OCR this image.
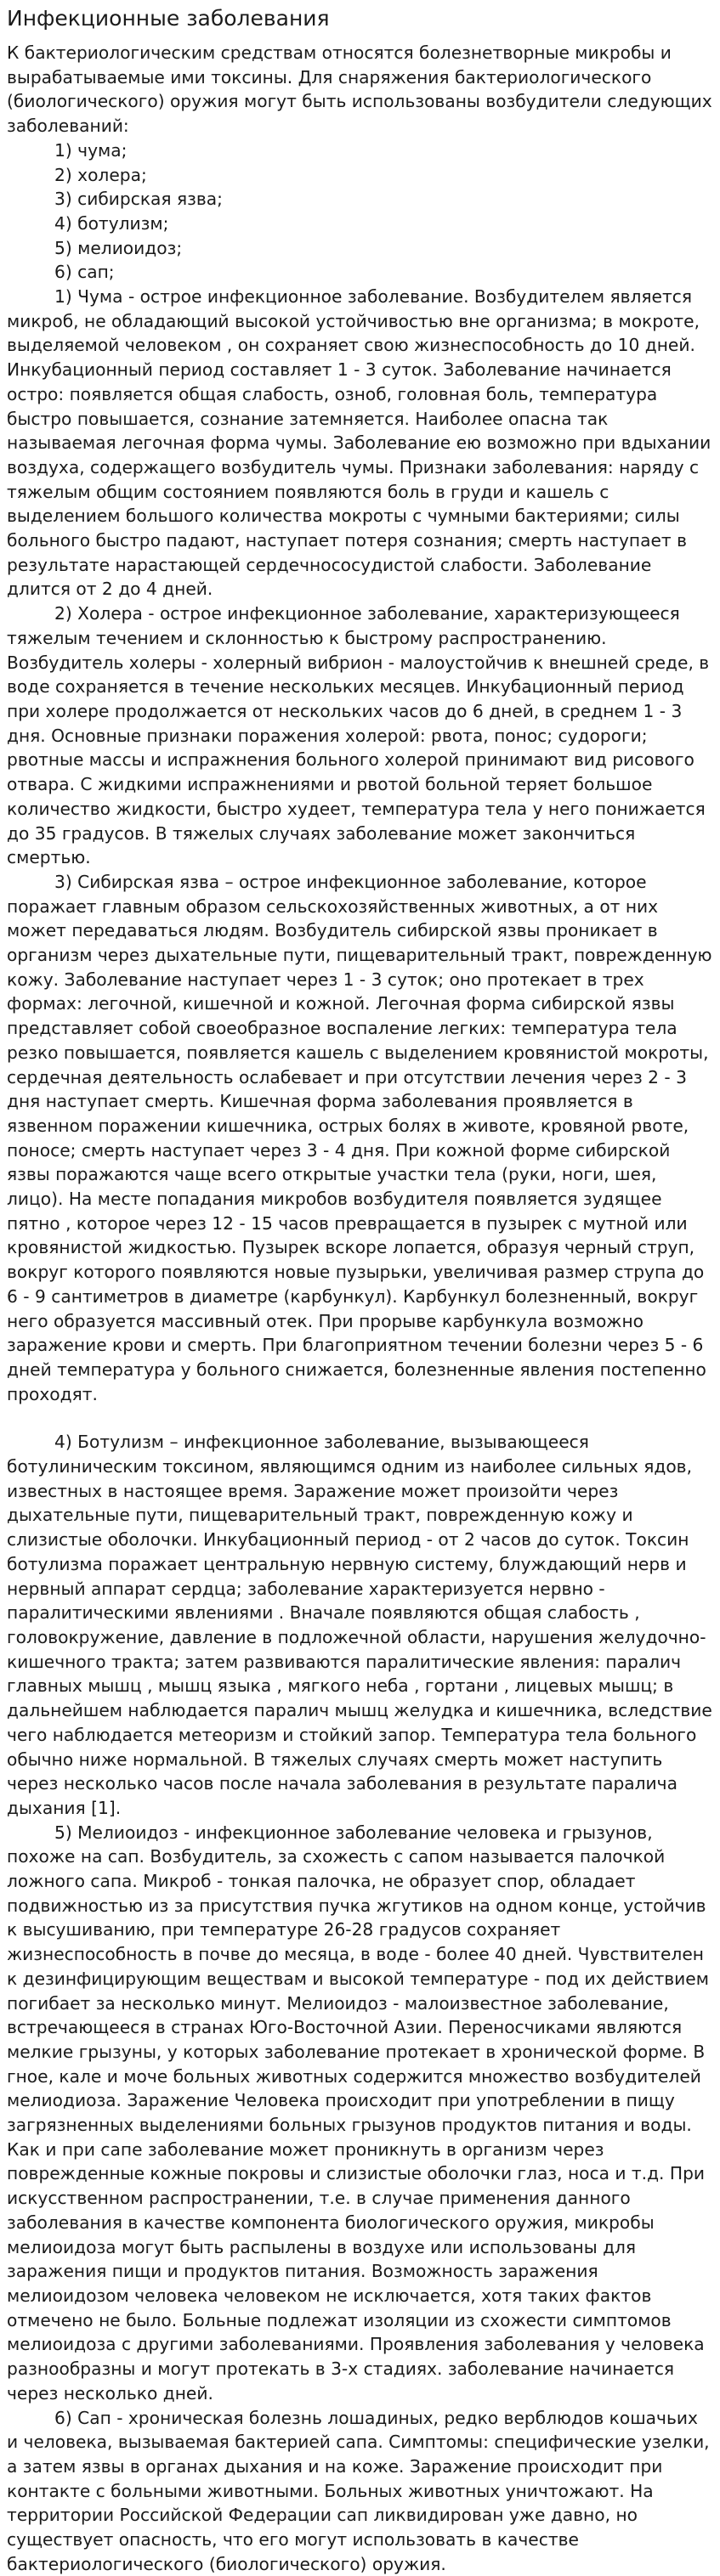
Инфекционные заболевания

К бактериологическим средствам относятся болезнетворные микробы и вырабатываемые ими токсины. Для снаряжения бактериологического (биологического) оружия могут быть использованы возбудители следующих заболеваний:

1) чума;

2) холера;

3) сибирская язва;

4) ботулизм;

5) мелиоидоз;

6) сап;

1) Чума - острое инфекционное заболевание. Возбудителем является микроб, не обладающий высокой устойчивостью вне организма; в мокроте, выделяемой человеком , он сохраняет свою жизнеспособность до 10 дней. Инкубационный период составляет 1 - 3 суток. Заболевание начинается остро: появляется общая слабость, озноб, головная боль, температура быстро повышается, сознание затемняется. Наиболее опасна так называемая легочная форма чумы. Заболевание ею возможно при вдыхании воздуха, содержащего возбудитель чумы. Признаки заболевания: наряду с тяжелым общим состоянием появляются боль в груди и кашель с выделением большого количества мокроты с чумными бактериями; силы больного быстро падают, наступает потеря сознания; смерть наступает в результате нарастающей сердечнососудистой слабости. Заболевание длится от 2 до 4 дней.

2) Холера - острое инфекционное заболевание, характеризующееся тяжелым течением и склонностью к быстрому распространению. Возбудитель холеры - холерный вибрион - малоустойчив к внешней среде, в воде сохраняется в течение нескольких месяцев. Инкубационный период при холере продолжается от нескольких часов до 6 дней, в среднем 1 - 3 дня. Основные признаки поражения холерой: рвота, понос; судороги; рвотные массы и испражнения больного холерой принимают вид рисового отвара. С жидкими испражнениями и рвотой больной теряет большое количество жидкости, быстро худеет, температура тела у него понижается до 35 градусов. В тяжелых случаях заболевание может закончиться смертью.

3) Сибирская язва – острое инфекционное заболевание, которое поражает главным образом сельскохозяйственных животных, а от них может передаваться людям. Возбудитель сибирской язвы проникает в организм через дыхательные пути, пищеварительный тракт, поврежденную кожу. Заболевание наступает через 1 - 3 суток; оно протекает в трех формах: легочной, кишечной и кожной. Легочная форма сибирской язвы представляет собой своеобразное воспаление легких: температура тела резко повышается, появляется кашель с выделением кровянистой мокроты, сердечная деятельность ослабевает и при отсутствии лечения через 2 - 3 дня наступает смерть. Кишечная форма заболевания проявляется в язвенном поражении кишечника, острых болях в животе, кровяной рвоте, поносе; смерть наступает через 3 - 4 дня. При кожной форме сибирской язвы поражаются чаще всего открытые участки тела (руки, ноги, шея, лицо). На месте попадания микробов возбудителя появляется зудящее пятно , которое через 12 - 15 часов превращается в пузырек с мутной или кровянистой жидкостью. Пузырек вскоре лопается, образуя черный струп, вокруг которого появляются новые пузырьки, увеличивая размер струпа до 6 - 9 сантиметров в диаметре (карбункул). Карбункул болезненный, вокруг него образуется массивный отек. При прорыве карбункула возможно заражение крови и смерть. При благоприятном течении болезни через 5 - 6 дней температура у больного снижается, болезненные явления постепенно проходят.

4) Ботулизм – инфекционное заболевание, вызывающееся ботулиническим токсином, являющимся одним из наиболее сильных ядов, известных в настоящее время. Заражение может произойти через дыхательные пути, пищеварительный тракт, поврежденную кожу и слизистые оболочки. Инкубационный период - от 2 часов до суток. Токсин ботулизма поражает центральную нервную систему, блуждающий нерв и нервный аппарат сердца; заболевание характеризуется нервно - паралитическими явлениями . Вначале появляются общая слабость , головокружение, давление в подложечной области, нарушения желудочно-кишечного тракта; затем развиваются паралитические явления: паралич главных мышц , мышц языка , мягкого неба , гортани , лицевых мышц; в дальнейшем наблюдается паралич мышц желудка и кишечника, вследствие чего наблюдается метеоризм и стойкий запор. Температура тела больного обычно ниже нормальной. В тяжелых случаях смерть может наступить через несколько часов после начала заболевания в результате паралича дыхания [1].

5) Мелиоидоз - инфекционное заболевание человека и грызунов, похоже на сап. Возбудитель, за схожесть с сапом называется палочкой ложного сапа. Микроб - тонкая палочка, не образует спор, обладает подвижностью из за присутствия пучка жгутиков на одном конце, устойчив к высушиванию, при температуре 26-28 градусов сохраняет жизнеспособность в почве до месяца, в воде - более 40 дней. Чувствителен к дезинфицирующим веществам и высокой температуре - под их действием погибает за несколько минут. Мелиоидоз - малоизвестное заболевание, встречающееся в странах Юго-Восточной Азии. Переносчиками являются мелкие грызуны, у которых заболевание протекает в хронической форме. В гное, кале и моче больных животных содержится множество возбудителей мелиодиоза. Заражение Человека происходит при употреблении в пищу загрязненных выделениями больных грызунов продуктов питания и воды. Как и при сапе заболевание может проникнуть в организм через поврежденные кожные покровы и слизистые оболочки глаз, носа и т.д. При искусственном распространении, т.е. в случае применения данного заболевания в качестве компонента биологического оружия, микробы мелиоидоза могут быть распылены в воздухе или использованы для заражения пищи и продуктов питания. Возможность заражения мелиоидозом человека человеком не исключается, хотя таких фактов отмечено не было. Больные подлежат изоляции из схожести симптомов мелиоидоза с другими заболеваниями. Проявления заболевания у человека разнообразны и могут протекать в 3-х стадиях. заболевание начинается через несколько дней.

6) Сап - хроническая болезнь лошадиных, редко верблюдов кошачьих и человека, вызываемая бактерией сапа. Симптомы: специфические узелки, а затем язвы в органах дыхания и на коже. Заражение происходит при контакте с больными животными. Больных животных уничтожают. На территории Российской Федерации сап ликвидирован уже давно, но существует опасность, что его могут использовать в качестве бактериологического (биологического) оружия.
